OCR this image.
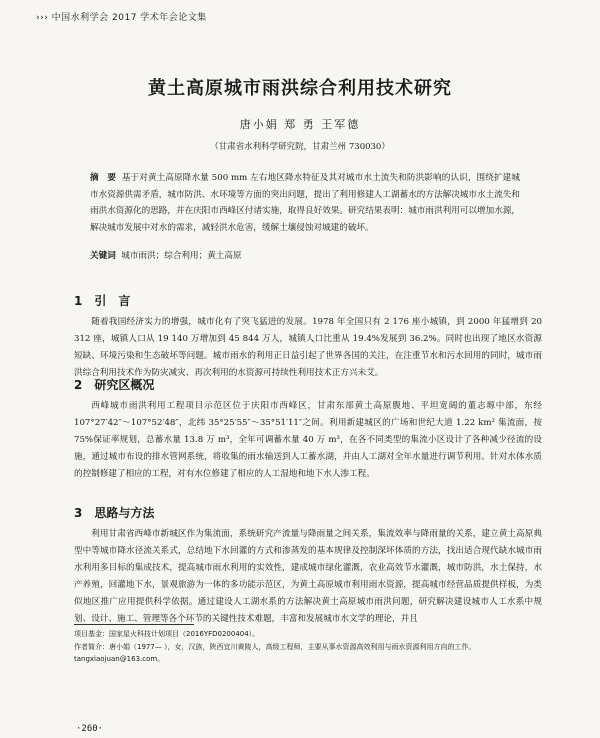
››› 中国水利学会 2017 学术年会论文集
黄土高原城市雨洪综合利用技术研究
唐小娟 郑 勇 王军德
（甘肃省水利科学研究院，甘肃兰州 730030）
摘　要 基于对黄土高原降水量 500 mm 左右地区降水特征及其对城市水土流失和防洪影响的认识，围绕扩建城市水资源供需矛盾，城市防洪、水环境等方面的突出问题，提出了利用修建人工湖蓄水的方法解决城市水土流失和雨洪水资源化的思路，并在庆阳市西峰区付诸实施，取得良好效果。研究结果表明：城市雨洪利用可以增加水源，解决城市发展中对水的需求，减轻洪水危害，缓解土壤侵蚀对城建的破坏。
关键词 城市雨洪；综合利用；黄土高原
1　引　言
随着我国经济实力的增强，城市化有了突飞猛进的发展。1978 年全国只有 2 176 座小城镇，到 2000 年猛增到 20 312 座，城镇人口从 19 140 万增加到 45 844 万人，城镇人口比重从 19.4%发展到 36.2%。同时也出现了地区水资源短缺、环境污染和生态破坏等问题。城市雨水的利用正日益引起了世界各国的关注，在注重节水和污水回用的同时，城市雨洪综合利用技术作为防灾减灾、再次利用的水资源可持续性利用技术正方兴未艾。
2　研究区概况
西峰城市雨洪利用工程项目示范区位于庆阳市西峰区，甘肃东部黄土高原腹地、平坦宽阔的董志塬中部，东经 107°27′42″～107°52′48″，北纬 35°25′55″～35°51′11″之间。利用新建城区的广场和世纪大道 1.22 km² 集流面，按 75%保证率规划，总蓄水量 13.8 万 m³，全年可调蓄水量 40 万 m³，在各不同类型的集流小区设计了各种减少径流的设施，通过城市布设的排水管网系统，将收集的雨水输送到人工蓄水湖，并由人工湖对全年水量进行调节利用。针对水体水质的控制修建了相应的工程，对有水位修建了相应的人工湿地和地下水人渗工程。
3　思路与方法
利用甘肃省西峰市新城区作为集流面，系统研究产流量与降雨量之间关系，集流效率与降雨量的关系，建立黄土高原典型中等城市降水径流关系式，总结地下水回灌的方式和渗蒸发的基本规律及控制深坏体质的方法，找出适合现代缺水城市雨水利用多目标的集成技术，提高城市雨水利用的实效性，建成城市绿化灌溉，农业高效节水灌溉，城市防洪，水土保持，水产养殖，回灌地下水，景观旅游为一体的多功能示范区，为黄土高原城市利用雨水资源，提高城市经营品质提供样板，为类似地区推广应用提供科学依据。通过建设人工湖水系的方法解决黄土高原城市雨洪问题，研究解决建设城市人工水系中规划、设计、施工、管理等各个环节的关键性技术难题，丰富和发展城市水文学的理论，并且
项目基金：国家星火科技计划项目（2016YFD0200404）。
作者简介：唐小娟（1977— ），女，汉族，陕西宜川黄陵人，高级工程师，主要从事水资源高效利用与雨水资源利用方向的工作。tangxiaojuan@163.com。
·260·
